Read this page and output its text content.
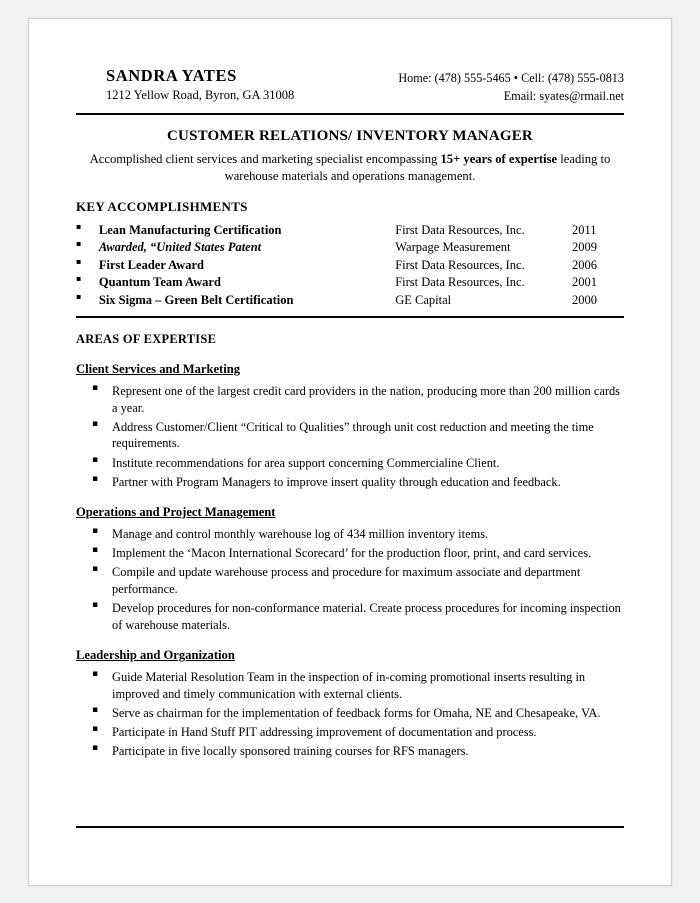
SANDRA YATES
1212 Yellow Road, Byron, GA 31008
Home: (478) 555-5465 • Cell: (478) 555-0813
Email: syates@rmail.net
CUSTOMER RELATIONS/ INVENTORY MANAGER
Accomplished client services and marketing specialist encompassing 15+ years of expertise leading to warehouse materials and operations management.
KEY ACCOMPLISHMENTS
▪	Lean Manufacturing Certification	First Data Resources, Inc.	2011
▪	Awarded, “United States Patent	Warpage Measurement	2009
▪	First Leader Award	First Data Resources, Inc.	2006
▪	Quantum Team Award	First Data Resources, Inc.	2001
▪	Six Sigma – Green Belt Certification	GE Capital	2000
AREAS OF EXPERTISE
Client Services and Marketing
▪ Represent one of the largest credit card providers in the nation, producing more than 200 million cards a year.
▪ Address Customer/Client “Critical to Qualities” through unit cost reduction and meeting the time requirements.
▪ Institute recommendations for area support concerning Commercialine Client.
▪ Partner with Program Managers to improve insert quality through education and feedback.
Operations and Project Management
▪ Manage and control monthly warehouse log of 434 million inventory items.
▪ Implement the ‘Macon International Scorecard’ for the production floor, print, and card services.
▪ Compile and update warehouse process and procedure for maximum associate and department performance.
▪ Develop procedures for non-conformance material. Create process procedures for incoming inspection of warehouse materials.
Leadership and Organization
▪ Guide Material Resolution Team in the inspection of in-coming promotional inserts resulting in improved and timely communication with external clients.
▪ Serve as chairman for the implementation of feedback forms for Omaha, NE and Chesapeake, VA.
▪ Participate in Hand Stuff PIT addressing improvement of documentation and process.
▪ Participate in five locally sponsored training courses for RFS managers.
